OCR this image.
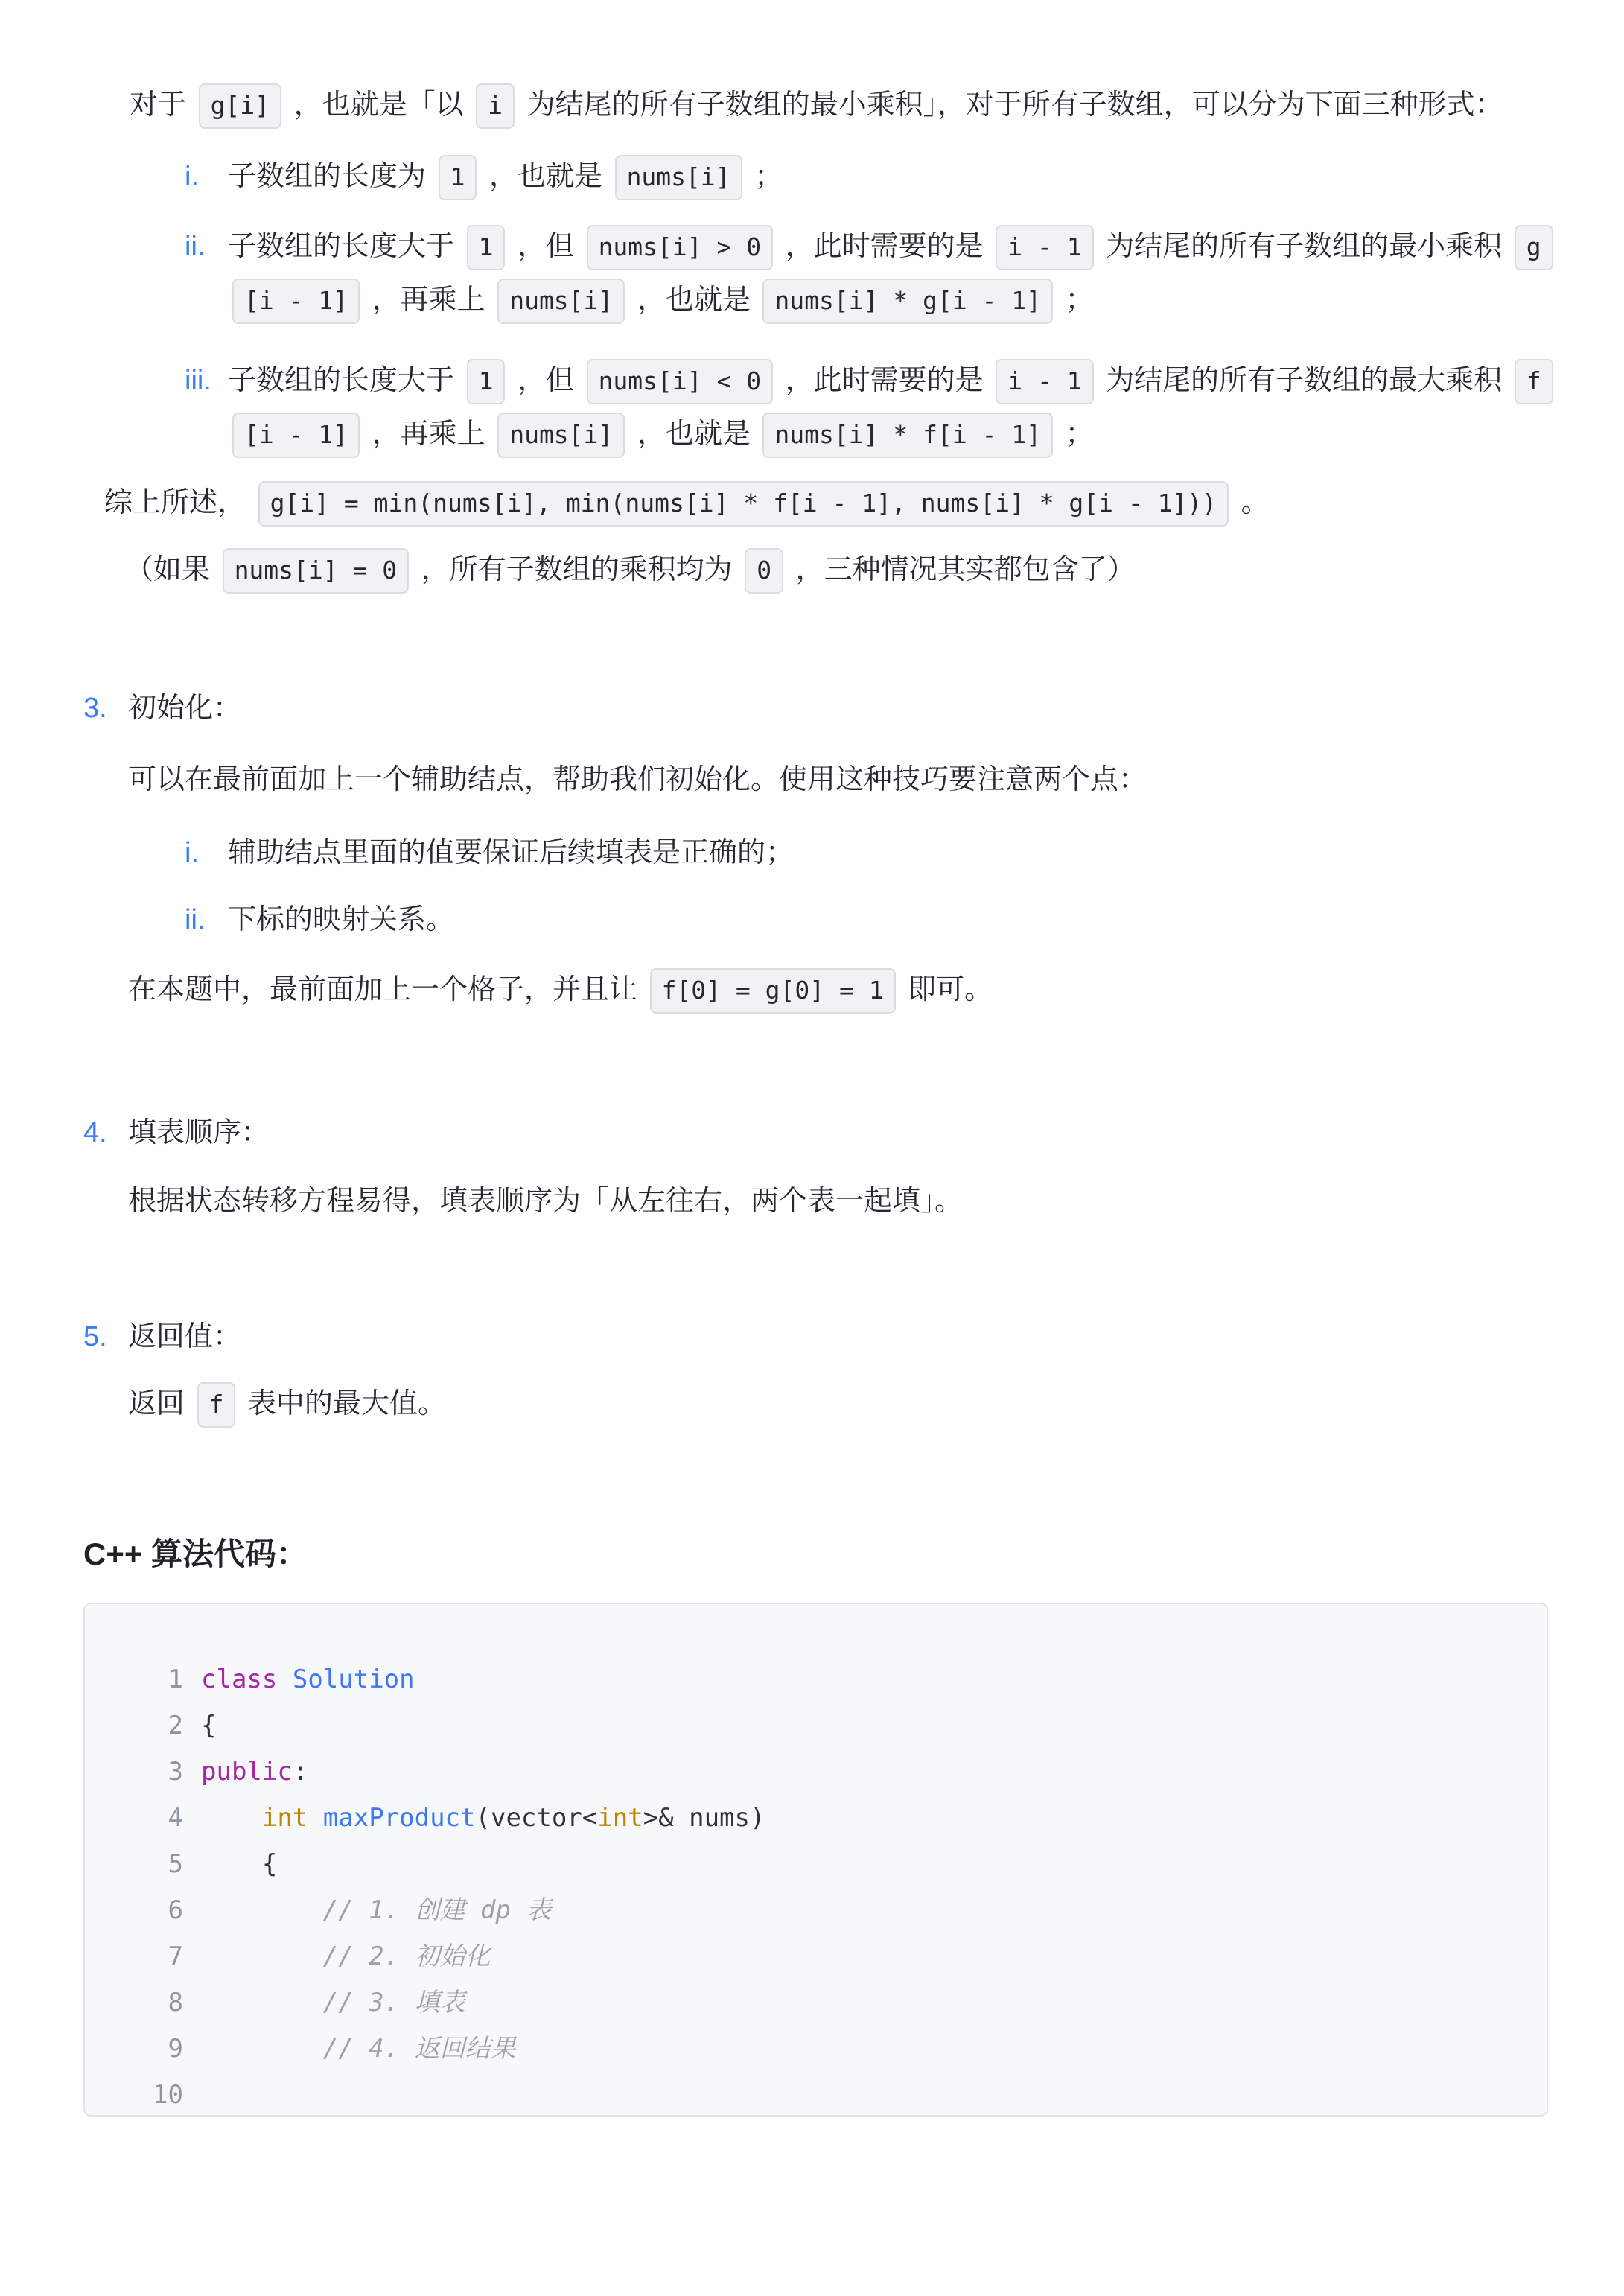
对于 g[i] ，也就是「以 i 为结尾的所有子数组的最小乘积」，对于所有子数组，可以分为下面三种形式：

i.	子数组的长度为 1 ，也就是 nums[i] ；
ii. 子数组的长度大于 1 ，但 nums[i] > 0 ，此时需要的是 i - 1 为结尾的所有子数组的最小乘积 g[i - 1] ，再乘上 nums[i] ，也就是 nums[i] * g[i - 1] ；
iii. 子数组的长度大于 1 ，但 nums[i] < 0 ，此时需要的是 i - 1 为结尾的所有子数组的最大乘积 f[i - 1] ，再乘上 nums[i] ，也就是 nums[i] * f[i - 1] ；

综上所述， g[i] = min(nums[i], min(nums[i] * f[i - 1], nums[i] * g[i - 1])) 。

（如果 nums[i] = 0 ，所有子数组的乘积均为 0 ，三种情况其实都包含了）

3. 初始化：

可以在最前面加上一个辅助结点，帮助我们初始化。使用这种技巧要注意两个点：

i.	辅助结点里面的值要保证后续填表是正确的；
ii. 下标的映射关系。

在本题中，最前面加上一个格子，并且让 f[0] = g[0] = 1 即可。

4. 填表顺序：

根据状态转移方程易得，填表顺序为「从左往右，两个表一起填」。

5. 返回值：

返回 f 表中的最大值。

C++ 算法代码：
1 class Solution
2 {
3 public:
4	int maxProduct(vector<int>& nums)
5 {
6	// 1. 创建 dp 表
7	// 2. 初始化
8	// 3. 填表
9	// 4. 返回结果
10
